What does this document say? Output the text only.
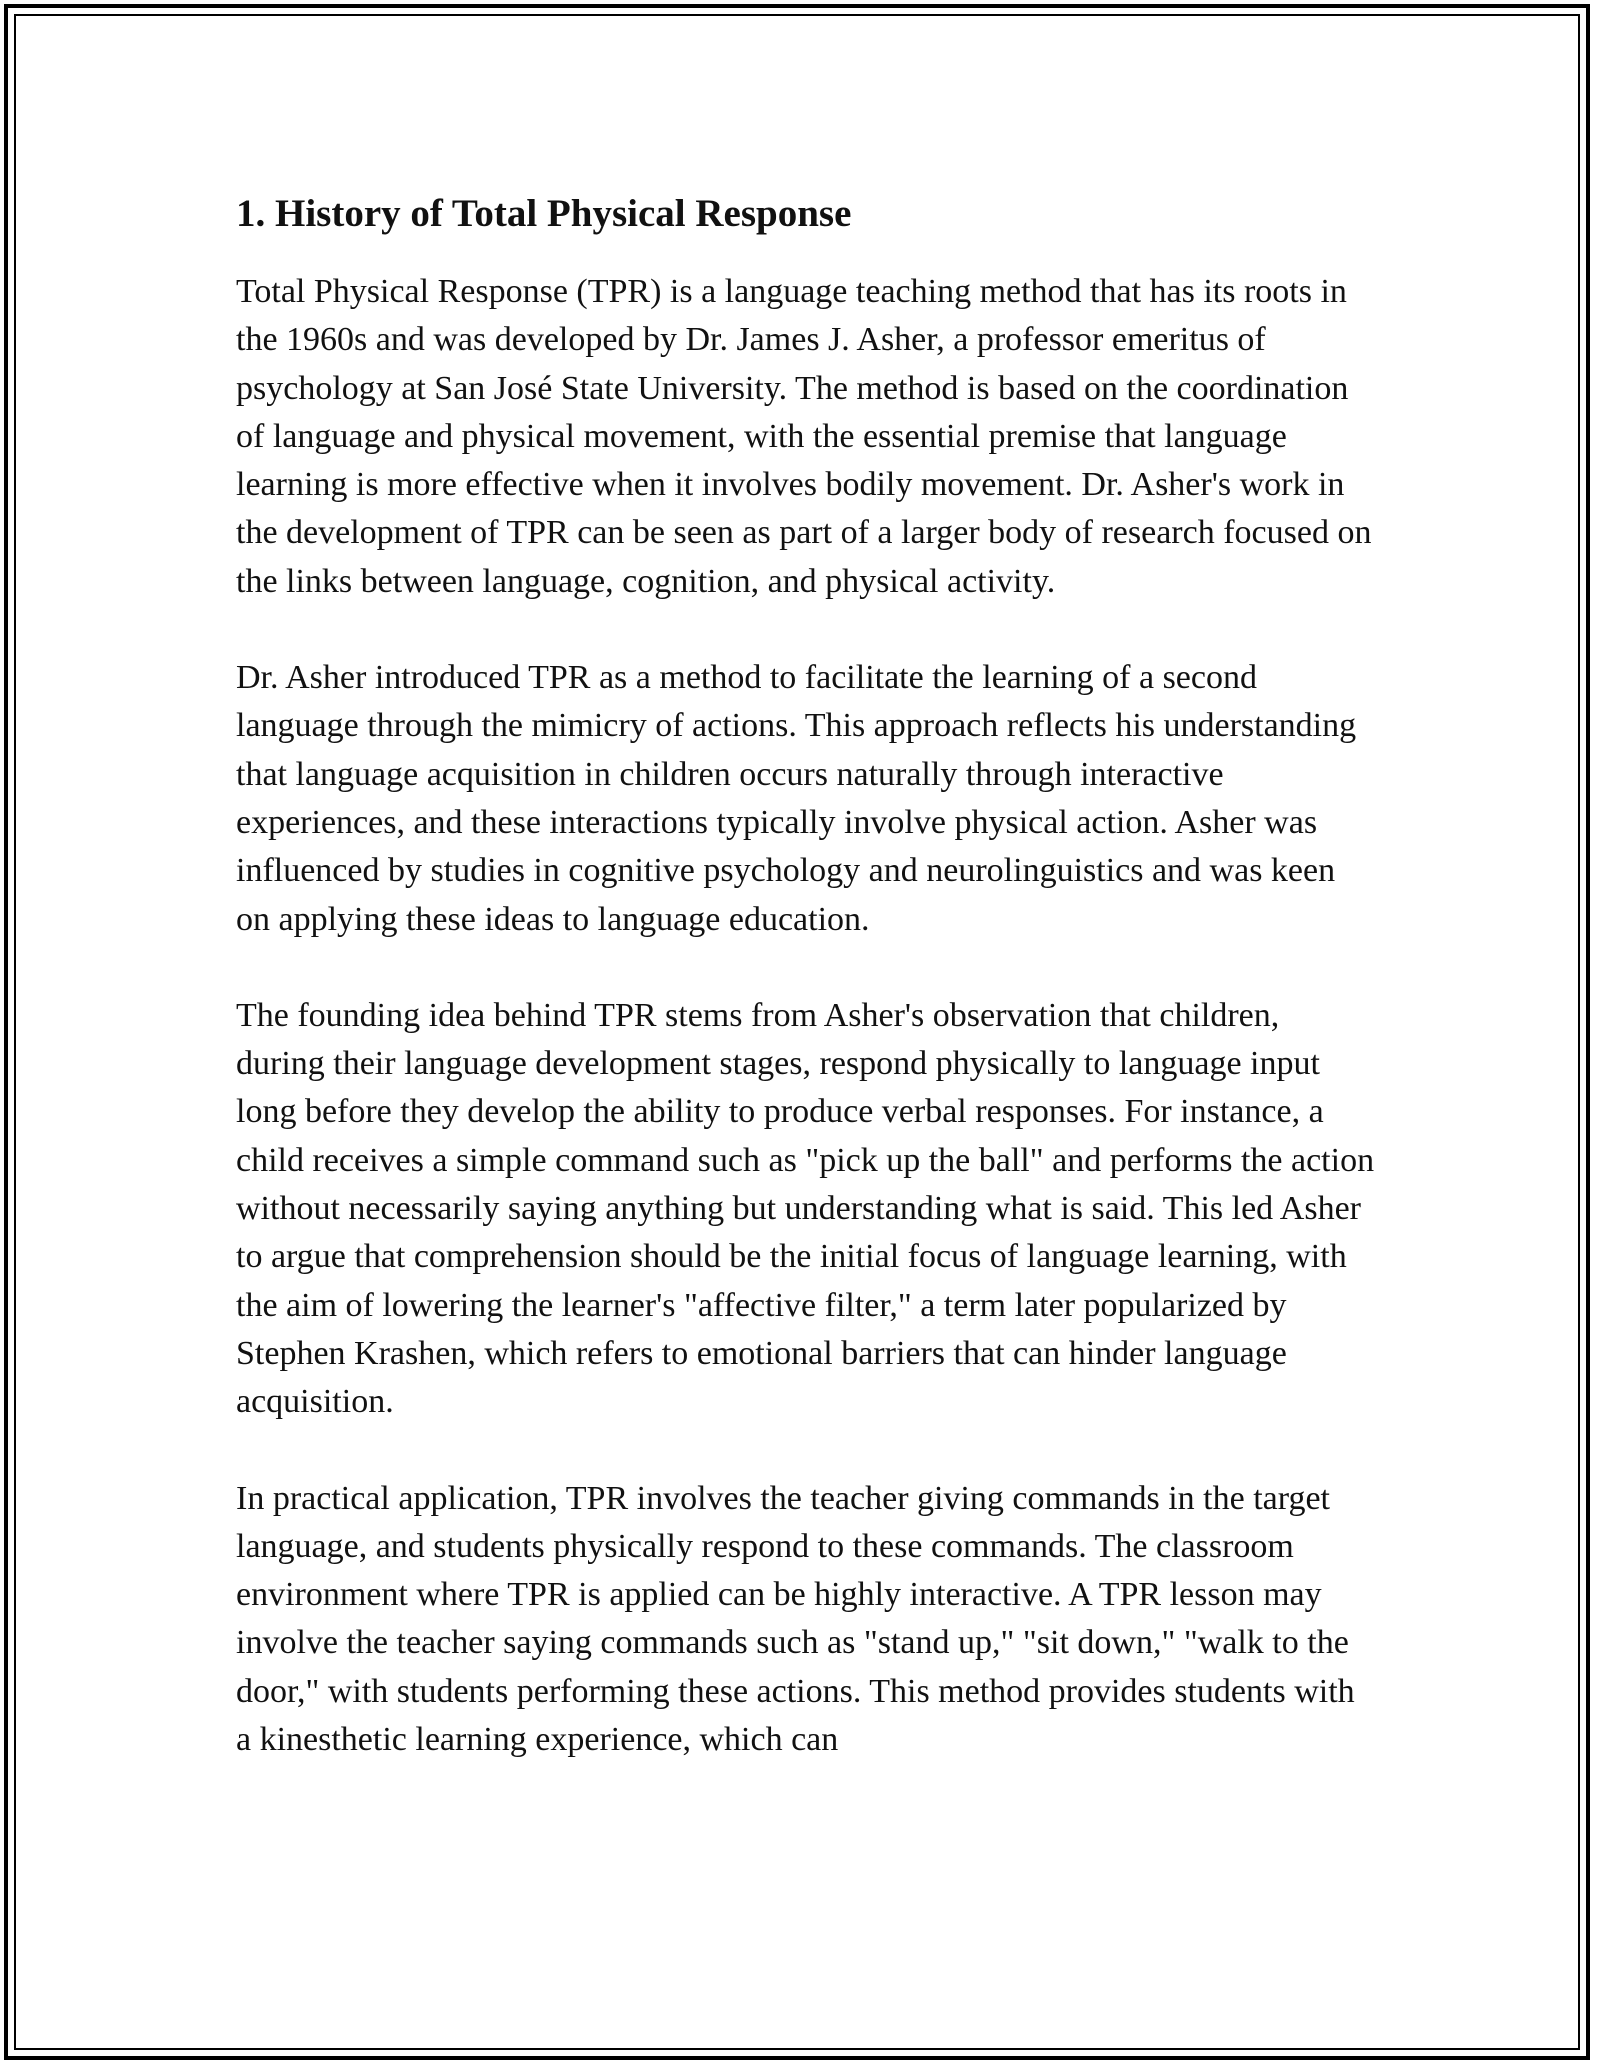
1. History of Total Physical Response

Total Physical Response (TPR) is a language teaching method that has its roots in the 1960s and was developed by Dr. James J. Asher, a professor emeritus of psychology at San José State University. The method is based on the coordination of language and physical movement, with the essential premise that language learning is more effective when it involves bodily movement. Dr. Asher's work in the development of TPR can be seen as part of a larger body of research focused on the links between language, cognition, and physical activity.

Dr. Asher introduced TPR as a method to facilitate the learning of a second language through the mimicry of actions. This approach reflects his understanding that language acquisition in children occurs naturally through interactive experiences, and these interactions typically involve physical action. Asher was influenced by studies in cognitive psychology and neurolinguistics and was keen on applying these ideas to language education.

The founding idea behind TPR stems from Asher's observation that children, during their language development stages, respond physically to language input long before they develop the ability to produce verbal responses. For instance, a child receives a simple command such as "pick up the ball" and performs the action without necessarily saying anything but understanding what is said. This led Asher to argue that comprehension should be the initial focus of language learning, with the aim of lowering the learner's "affective filter," a term later popularized by Stephen Krashen, which refers to emotional barriers that can hinder language acquisition.

In practical application, TPR involves the teacher giving commands in the target language, and students physically respond to these commands. The classroom environment where TPR is applied can be highly interactive. A TPR lesson may involve the teacher saying commands such as "stand up," "sit down," "walk to the door," with students performing these actions. This method provides students with a kinesthetic learning experience, which can
